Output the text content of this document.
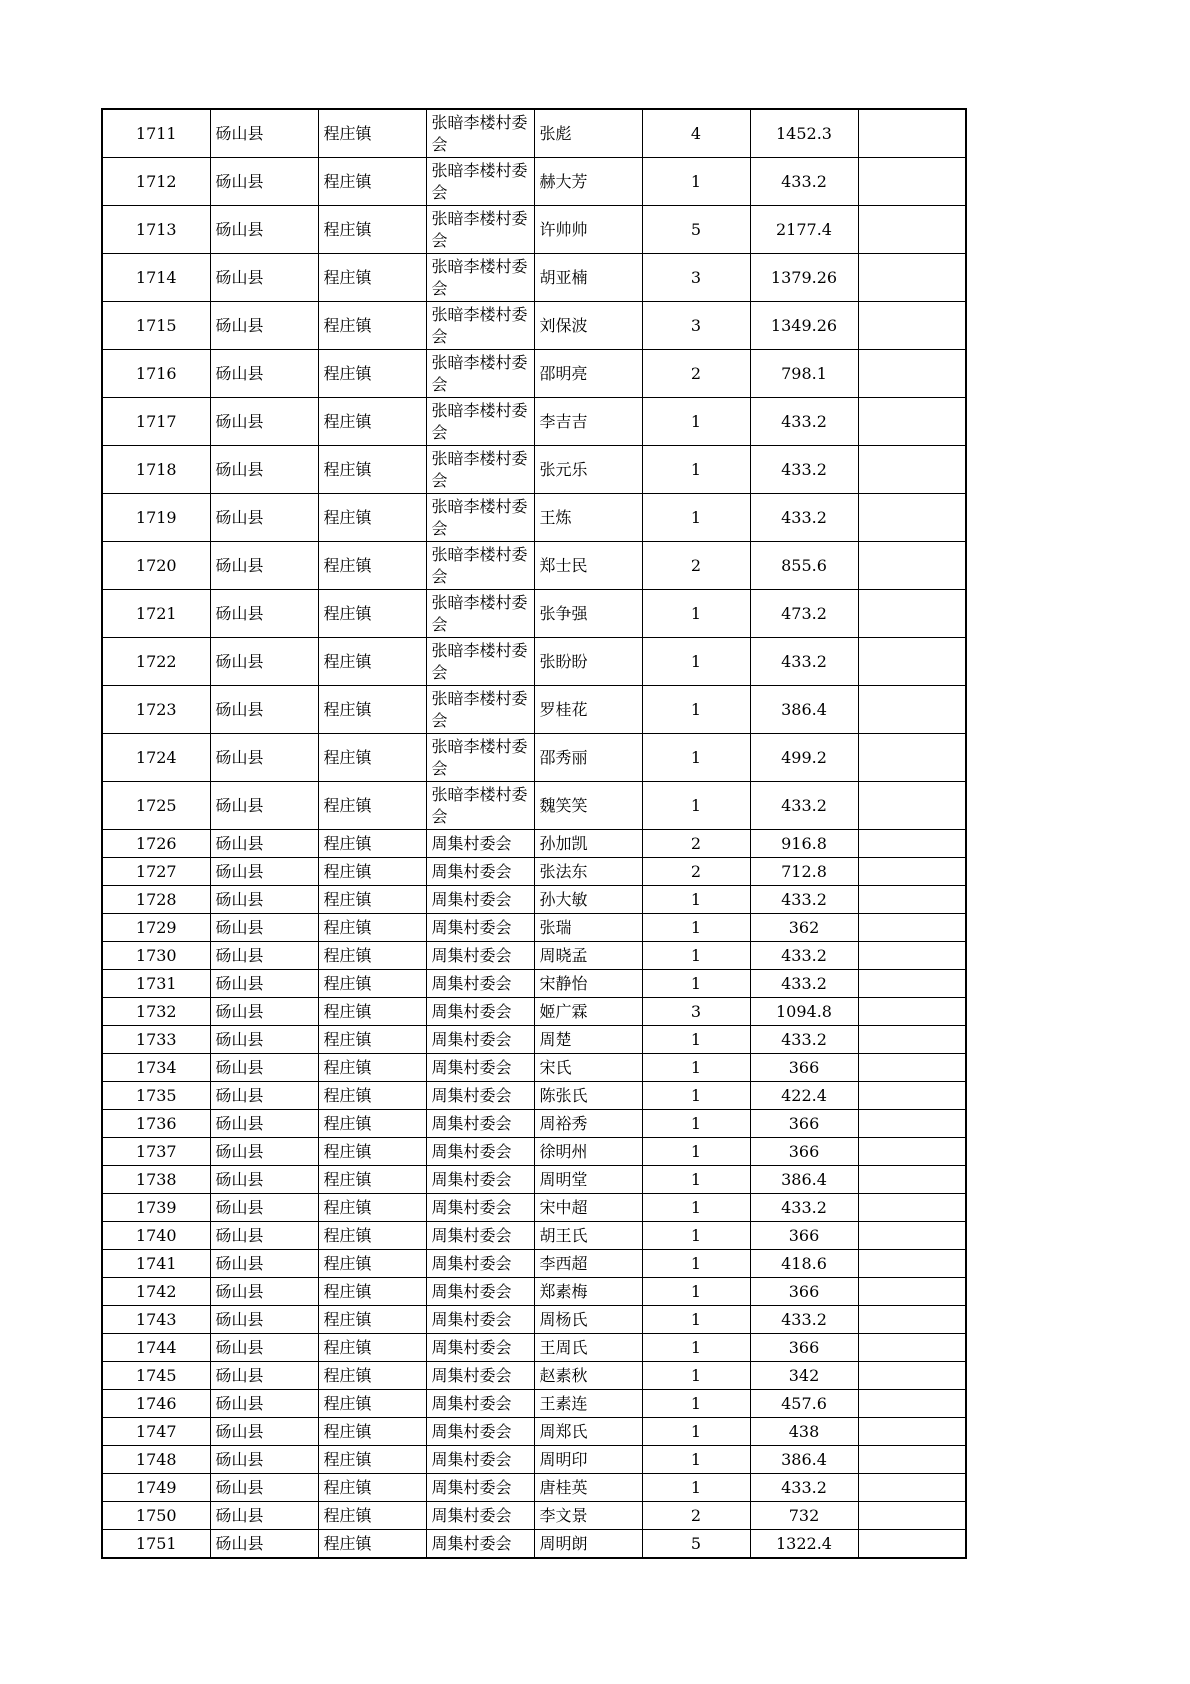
1711	砀山县	程庄镇	张暗李楼村委会	张彪	4	1452.3	
1712	砀山县	程庄镇	张暗李楼村委会	赫大芳	1	433.2	
1713	砀山县	程庄镇	张暗李楼村委会	许帅帅	5	2177.4	
1714	砀山县	程庄镇	张暗李楼村委会	胡亚楠	3	1379.26	
1715	砀山县	程庄镇	张暗李楼村委会	刘保波	3	1349.26	
1716	砀山县	程庄镇	张暗李楼村委会	邵明亮	2	798.1	
1717	砀山县	程庄镇	张暗李楼村委会	李吉吉	1	433.2	
1718	砀山县	程庄镇	张暗李楼村委会	张元乐	1	433.2	
1719	砀山县	程庄镇	张暗李楼村委会	王炼	1	433.2	
1720	砀山县	程庄镇	张暗李楼村委会	郑士民	2	855.6	
1721	砀山县	程庄镇	张暗李楼村委会	张争强	1	473.2	
1722	砀山县	程庄镇	张暗李楼村委会	张盼盼	1	433.2	
1723	砀山县	程庄镇	张暗李楼村委会	罗桂花	1	386.4	
1724	砀山县	程庄镇	张暗李楼村委会	邵秀丽	1	499.2	
1725	砀山县	程庄镇	张暗李楼村委会	魏笑笑	1	433.2	
1726	砀山县	程庄镇	周集村委会	孙加凯	2	916.8	
1727	砀山县	程庄镇	周集村委会	张法东	2	712.8	
1728	砀山县	程庄镇	周集村委会	孙大敏	1	433.2	
1729	砀山县	程庄镇	周集村委会	张瑞	1	362	
1730	砀山县	程庄镇	周集村委会	周晓孟	1	433.2	
1731	砀山县	程庄镇	周集村委会	宋静怡	1	433.2	
1732	砀山县	程庄镇	周集村委会	姬广霖	3	1094.8	
1733	砀山县	程庄镇	周集村委会	周楚	1	433.2	
1734	砀山县	程庄镇	周集村委会	宋氏	1	366	
1735	砀山县	程庄镇	周集村委会	陈张氏	1	422.4	
1736	砀山县	程庄镇	周集村委会	周裕秀	1	366	
1737	砀山县	程庄镇	周集村委会	徐明州	1	366	
1738	砀山县	程庄镇	周集村委会	周明堂	1	386.4	
1739	砀山县	程庄镇	周集村委会	宋中超	1	433.2	
1740	砀山县	程庄镇	周集村委会	胡王氏	1	366	
1741	砀山县	程庄镇	周集村委会	李西超	1	418.6	
1742	砀山县	程庄镇	周集村委会	郑素梅	1	366	
1743	砀山县	程庄镇	周集村委会	周杨氏	1	433.2	
1744	砀山县	程庄镇	周集村委会	王周氏	1	366	
1745	砀山县	程庄镇	周集村委会	赵素秋	1	342	
1746	砀山县	程庄镇	周集村委会	王素连	1	457.6	
1747	砀山县	程庄镇	周集村委会	周郑氏	1	438	
1748	砀山县	程庄镇	周集村委会	周明印	1	386.4	
1749	砀山县	程庄镇	周集村委会	唐桂英	1	433.2	
1750	砀山县	程庄镇	周集村委会	李文景	2	732	
1751	砀山县	程庄镇	周集村委会	周明朗	5	1322.4	
